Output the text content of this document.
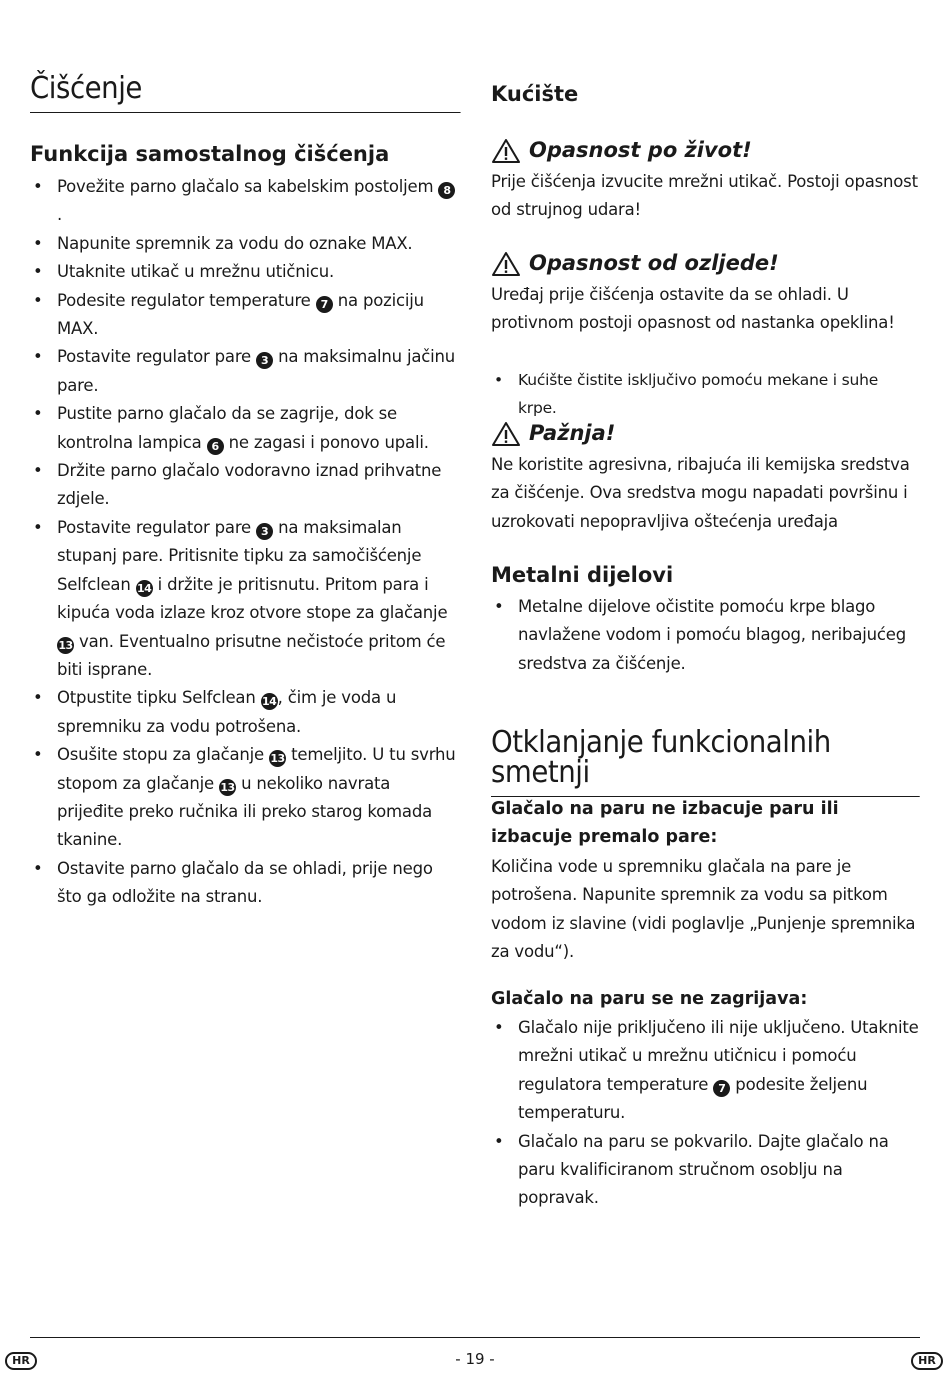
Čišćenje
Funkcija samostalnog čišćenja
• Povežite parno glačalo sa kabelskim postoljem 8.
• Napunite spremnik za vodu do oznake MAX.
• Utaknite utikač u mrežnu utičnicu.
• Podesite regulator temperature 7 na poziciju MAX.
• Postavite regulator pare 3 na maksimalnu jačinu pare.
• Pustite parno glačalo da se zagrije, dok se kontrolna lampica 6 ne zagasi i ponovo upali.
• Držite parno glačalo vodoravno iznad prihvatne zdjele.
• Postavite regulator pare 3 na maksimalan stupanj pare. Pritisnite tipku za samočišćenje Selfclean 14 i držite je pritisnutu. Pritom para i kipuća voda izlaze kroz otvore stope za glačanje 13 van. Eventualno prisutne nečistoće pritom će biti isprane.
• Otpustite tipku Selfclean 14, čim je voda u spremniku za vodu potrošena.
• Osušite stopu za glačanje 13 temeljito. U tu svrhu stopom za glačanje 13 u nekoliko navrata prijeđite preko ručnika ili preko starog komada tkanine.
• Ostavite parno glačalo da se ohladi, prije nego što ga odložite na stranu.
Kućište
Opasnost po život!

Prije čišćenja izvucite mrežni utikač. Postoji opasnost od strujnog udara!

Opasnost od ozljede!

Uređaj prije čišćenja ostavite da se ohladi. U protivnom postoji opasnost od nastanka opeklina!

• Kućište čistite isključivo pomoću mekane i suhe krpe.
Pažnja!

Ne koristite agresivna, ribajuća ili kemijska sredstva za čišćenje. Ova sredstva mogu napadati površinu i uzrokovati nepopravljiva oštećenja uređaja

Metalni dijelovi
• Metalne dijelove očistite pomoću krpe blago navlažene vodom i pomoću blagog, neribajućeg sredstva za čišćenje.
Otklanjanje funkcionalnih smetnji
Glačalo na paru ne izbacuje paru ili izbacuje premalo pare:

Količina vode u spremniku glačala na pare je potrošena. Napunite spremnik za vodu sa pitkom vodom iz slavine (vidi poglavlje „Punjenje spremnika za vodu“).

Glačalo na paru se ne zagrijava:
• Glačalo nije priključeno ili nije uključeno. Utaknite mrežni utikač u mrežnu utičnicu i pomoću regulatora temperature 7 podesite željenu temperaturu.
• Glačalo na paru se pokvarilo. Dajte glačalo na paru kvalificiranom stručnom osoblju na popravak.
HR	- 19 -	HR
